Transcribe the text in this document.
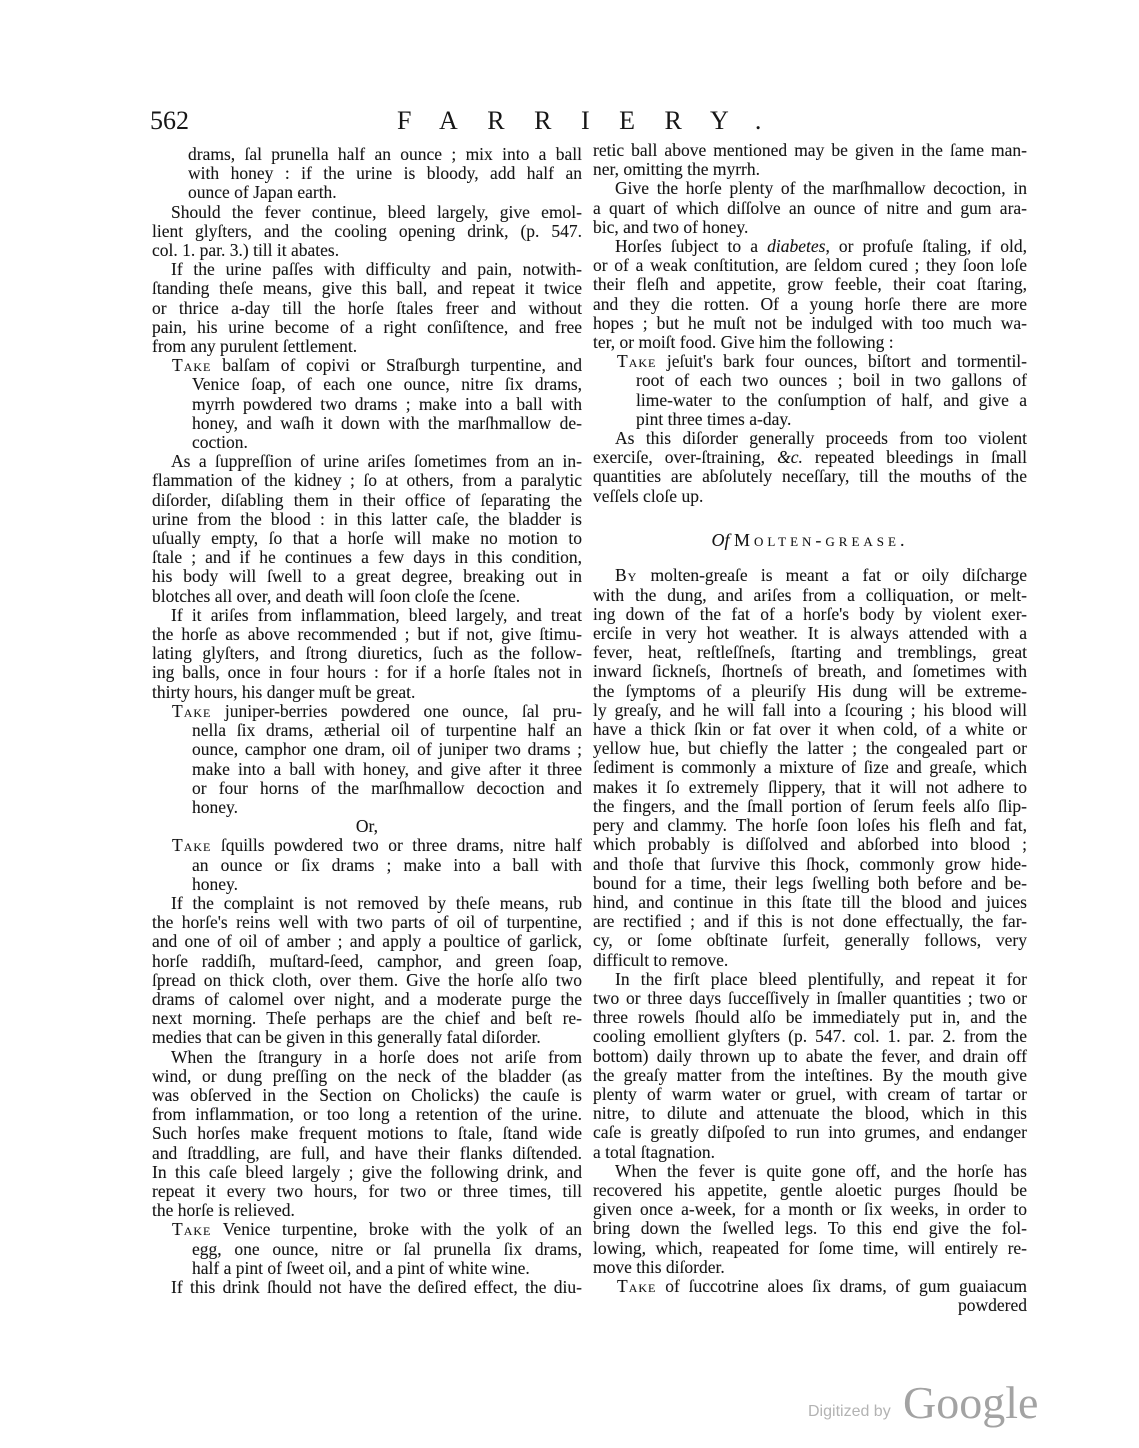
562	FARRIERY.
drams, ſal prunella half an ounce ; mix into a ball
with honey : if the urine is bloody, add half an
ounce of Japan earth.
Should the fever continue, bleed largely, give emol-
lient glyſters, and the cooling opening drink, (p. 547.
col. 1. par. 3.) till it abates.
If the urine paſſes with difficulty and pain, notwith-
ſtanding theſe means, give this ball, and repeat it twice
or thrice a-day till the horſe ſtales freer and without
pain, his urine become of a right conſiſtence, and free
from any purulent ſettlement.
Take balſam of copivi or Straſburgh turpentine, and
Venice ſoap, of each one ounce, nitre ſix drams,
myrrh powdered two drams ; make into a ball with
honey, and waſh it down with the marſhmallow de-
coction.
As a ſuppreſſion of urine ariſes ſometimes from an in-
flammation of the kidney ; ſo at others, from a paralytic
diſorder, diſabling them in their office of ſeparating the
urine from the blood : in this latter caſe, the bladder is
uſually empty, ſo that a horſe will make no motion to
ſtale ; and if he continues a few days in this condition,
his body will ſwell to a great degree, breaking out in
blotches all over, and death will ſoon cloſe the ſcene.
If it ariſes from inflammation, bleed largely, and treat
the horſe as above recommended ; but if not, give ſtimu-
lating glyſters, and ſtrong diuretics, ſuch as the follow-
ing balls, once in four hours : for if a horſe ſtales not in
thirty hours, his danger muſt be great.
Take juniper-berries powdered one ounce, ſal pru-
nella ſix drams, ætherial oil of turpentine half an
ounce, camphor one dram, oil of juniper two drams ;
make into a ball with honey, and give after it three
or four horns of the marſhmallow decoction and
honey.
Or,
Take ſquills powdered two or three drams, nitre half
an ounce or ſix drams ; make into a ball with
honey.
If the complaint is not removed by theſe means, rub
the horſe's reins well with two parts of oil of turpentine,
and one of oil of amber ; and apply a poultice of garlick,
horſe raddiſh, muſtard-ſeed, camphor, and green ſoap,
ſpread on thick cloth, over them. Give the horſe alſo two
drams of calomel over night, and a moderate purge the
next morning. Theſe perhaps are the chief and beſt re-
medies that can be given in this generally fatal diſorder.
When the ſtrangury in a horſe does not ariſe from
wind, or dung preſſing on the neck of the bladder (as
was obſerved in the Section on Cholicks) the cauſe is
from inflammation, or too long a retention of the urine.
Such horſes make frequent motions to ſtale, ſtand wide
and ſtraddling, are full, and have their flanks diſtended.
In this caſe bleed largely ; give the following drink, and
repeat it every two hours, for two or three times, till
the horſe is relieved.
Take Venice turpentine, broke with the yolk of an
egg, one ounce, nitre or ſal prunella ſix drams,
half a pint of ſweet oil, and a pint of white wine.
If this drink ſhould not have the deſired effect, the diu-
retic ball above mentioned may be given in the ſame man-
ner, omitting the myrrh.
Give the horſe plenty of the marſhmallow decoction, in
a quart of which diſſolve an ounce of nitre and gum ara-
bic, and two of honey.
Horſes ſubject to a diabetes, or profuſe ſtaling, if old,
or of a weak conſtitution, are ſeldom cured ; they ſoon loſe
their fleſh and appetite, grow feeble, their coat ſtaring,
and they die rotten. Of a young horſe there are more
hopes ; but he muſt not be indulged with too much wa-
ter, or moiſt food. Give him the following :
Take jeſuit's bark four ounces, biſtort and tormentil-
root of each two ounces ; boil in two gallons of
lime-water to the conſumption of half, and give a
pint three times a-day.
As this diſorder generally proceeds from too violent
exerciſe, over-ſtraining, &c. repeated bleedings in ſmall
quantities are abſolutely neceſſary, till the mouths of the
veſſels cloſe up.
Of Molten-grease.
By molten-greaſe is meant a fat or oily diſcharge
with the dung, and ariſes from a colliquation, or melt-
ing down of the fat of a horſe's body by violent exer-
erciſe in very hot weather. It is always attended with a
fever, heat, reſtleſſneſs, ſtarting and tremblings, great
inward ſickneſs, ſhortneſs of breath, and ſometimes with
the ſymptoms of a pleuriſy His dung will be extreme-
ly greaſy, and he will fall into a ſcouring ; his blood will
have a thick ſkin or fat over it when cold, of a white or
yellow hue, but chiefly the latter ; the congealed part or
ſediment is commonly a mixture of ſize and greaſe, which
makes it ſo extremely ſlippery, that it will not adhere to
the fingers, and the ſmall portion of ſerum feels alſo ſlip-
pery and clammy. The horſe ſoon loſes his fleſh and fat,
which probably is diſſolved and abſorbed into blood ;
and thoſe that ſurvive this ſhock, commonly grow hide-
bound for a time, their legs ſwelling both before and be-
hind, and continue in this ſtate till the blood and juices
are rectified ; and if this is not done effectually, the far-
cy, or ſome obſtinate ſurfeit, generally follows, very
difficult to remove.
In the firſt place bleed plentifully, and repeat it for
two or three days ſucceſſively in ſmaller quantities ; two or
three rowels ſhould alſo be immediately put in, and the
cooling emollient glyſters (p. 547. col. 1. par. 2. from the
bottom) daily thrown up to abate the fever, and drain off
the greaſy matter from the inteſtines. By the mouth give
plenty of warm water or gruel, with cream of tartar or
nitre, to dilute and attenuate the blood, which in this
caſe is greatly diſpoſed to run into grumes, and endanger
a total ſtagnation.
When the fever is quite gone off, and the horſe has
recovered his appetite, gentle aloetic purges ſhould be
given once a-week, for a month or ſix weeks, in order to
bring down the ſwelled legs. To this end give the fol-
lowing, which, reapeated for ſome time, will entirely re-
move this diſorder.
Take of ſuccotrine aloes ſix drams, of gum guaiacum
powdered
Digitized by Google
